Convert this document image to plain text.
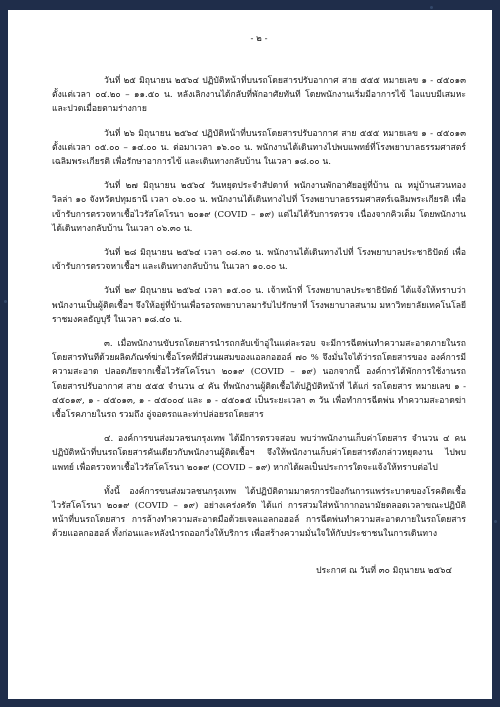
- ๒ -

วันที่ ๒๕ มิถุนายน ๒๕๖๔ ปฏิบัติหน้าที่บนรถโดยสารปรับอากาศ สาย ๕๕๕ หมายเลข ๑ - ๔๕๐๑๓ ตั้งแต่เวลา ๐๔.๒๐ – ๑๑.๕๐ น. หลังเลิกงานได้กลับที่พักอาศัยทันที โดยพนักงานเริ่มมีอาการไข้ ไอแบบมีเสมหะ และปวดเมื่อยตามร่างกาย

วันที่ ๒๖ มิถุนายน ๒๕๖๔ ปฏิบัติหน้าที่บนรถโดยสารปรับอากาศ สาย ๕๕๕ หมายเลข ๑ - ๔๕๐๑๓ ตั้งแต่เวลา ๐๕.๐๐ – ๑๔.๐๐ น. ต่อมาเวลา ๑๖.๐๐ น. พนักงานได้เดินทางไปพบแพทย์ที่โรงพยาบาลธรรมศาสตร์เฉลิมพระเกียรติ เพื่อรักษาอาการไข้ และเดินทางกลับบ้าน ในเวลา ๑๘.๐๐ น.

วันที่ ๒๗ มิถุนายน ๒๕๖๔ วันหยุดประจำสัปดาห์ พนักงานพักอาศัยอยู่ที่บ้าน ณ หมู่บ้านสวนทองวิลล่า ๑๐ จังหวัดปทุมธานี เวลา ๐๖.๐๐ น. พนักงานได้เดินทางไปที่ โรงพยาบาลธรรมศาสตร์เฉลิมพระเกียรติ เพื่อเข้ารับการตรวจหาเชื้อไวรัสโคโรนา ๒๐๑๙ (COVID – ๑๙) แต่ไม่ได้รับการตรวจ เนื่องจากคิวเต็ม โดยพนักงานได้เดินทางกลับบ้าน ในเวลา ๐๖.๓๐ น.

วันที่ ๒๘ มิถุนายน ๒๕๖๔ เวลา ๐๘.๓๐ น. พนักงานได้เดินทางไปที่ โรงพยาบาลประชาธิปัตย์ เพื่อเข้ารับการตรวจหาเชื้อฯ และเดินทางกลับบ้าน ในเวลา ๑๐.๐๐ น.

วันที่ ๒๙ มิถุนายน ๒๕๖๔ เวลา ๑๕.๐๐ น. เจ้าหน้าที่ โรงพยาบาลประชาธิปัตย์ ได้แจ้งให้ทราบว่า พนักงานเป็นผู้ติดเชื้อฯ จึงให้อยู่ที่บ้านเพื่อรอรถพยาบาลมารับไปรักษาที่ โรงพยาบาลสนาม มหาวิทยาลัยเทคโนโลยีราชมงคลธัญบุรี ในเวลา ๑๘.๔๐ น.

๓. เมื่อพนักงานขับรถโดยสารนำรถกลับเข้าอู่ในแต่ละรอบ จะมีการฉีดพ่นทำความสะอาดภายในรถโดยสารทันทีด้วยผลิตภัณฑ์ฆ่าเชื้อโรคที่มีส่วนผสมของแอลกอฮอล์ ๗๐ % จึงมั่นใจได้ว่ารถโดยสารของ องค์การมีความสะอาด ปลอดภัยจากเชื้อไวรัสโคโรนา ๒๐๑๙ (COVID – ๑๙) นอกจากนี้ องค์การได้พักการใช้งานรถโดยสารปรับอากาศ สาย ๕๕๕ จำนวน ๔ คัน ที่พนักงานผู้ติดเชื้อได้ปฏิบัติหน้าที่ ได้แก่ รถโดยสาร หมายเลข ๑ - ๔๕๐๑๙, ๑ - ๔๕๐๑๓, ๑ - ๔๕๐๐๔ และ ๑ - ๔๕๐๑๕ เป็นระยะเวลา ๓ วัน เพื่อทำการฉีดพ่น ทำความสะอาดฆ่าเชื้อโรคภายในรถ รวมถึง อู่จอดรถและท่าปล่อยรถโดยสาร

๔. องค์การขนส่งมวลชนกรุงเทพ ได้มีการตรวจสอบ พบว่าพนักงานเก็บค่าโดยสาร จำนวน ๔ คน ปฏิบัติหน้าที่บนรถโดยสารคันเดียวกับพนักงานผู้ติดเชื้อฯ จึงให้พนักงานเก็บค่าโดยสารดังกล่าวหยุดงาน ไปพบแพทย์ เพื่อตรวจหาเชื้อไวรัสโคโรนา ๒๐๑๙ (COVID – ๑๙) หากได้ผลเป็นประการใดจะแจ้งให้ทราบต่อไป

ทั้งนี้ องค์การขนส่งมวลชนกรุงเทพ ได้ปฏิบัติตามมาตรการป้องกันการแพร่ระบาดของโรคติดเชื้อไวรัสโคโรนา ๒๐๑๙ (COVID – ๑๙) อย่างเคร่งครัด ได้แก่ การสวมใส่หน้ากากอนามัยตลอดเวลาขณะปฏิบัติหน้าที่บนรถโดยสาร การล้างทำความสะอาดมือด้วยเจลแอลกอฮอล์ การฉีดพ่นทำความสะอาดภายในรถโดยสารด้วยแอลกอฮอล์ ทั้งก่อนและหลังนำรถออกวิ่งให้บริการ เพื่อสร้างความมั่นใจให้กับประชาชนในการเดินทาง

ประกาศ ณ วันที่ ๓๐ มิถุนายน ๒๕๖๔
